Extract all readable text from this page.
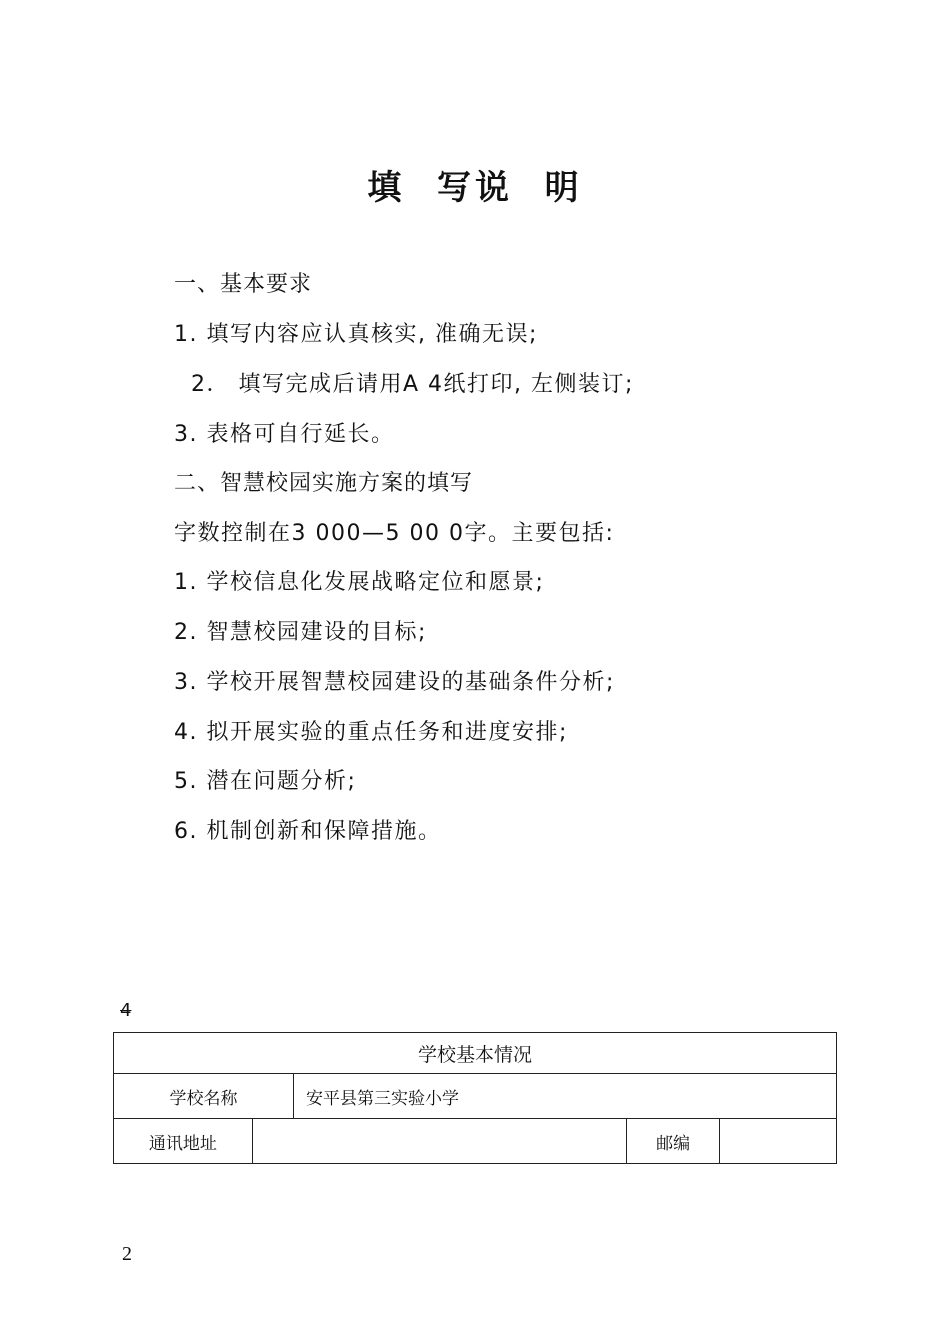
填  写说  明
一、基本要求
1. 填写内容应认真核实, 准确无误;
2． 填写完成后请用A 4纸打印, 左侧装订;
3. 表格可自行延长。
二、智慧校园实施方案的填写
字数控制在3 000—5 00 0字。主要包括:
1. 学校信息化发展战略定位和愿景;
2. 智慧校园建设的目标;
3. 学校开展智慧校园建设的基础条件分析;
4. 拟开展实验的重点任务和进度安排;
5. 潜在问题分析;
6. 机制创新和保障措施。
4
学校基本情况				
学校名称		安平县第三实验小学		
通讯地址			邮编	
2
